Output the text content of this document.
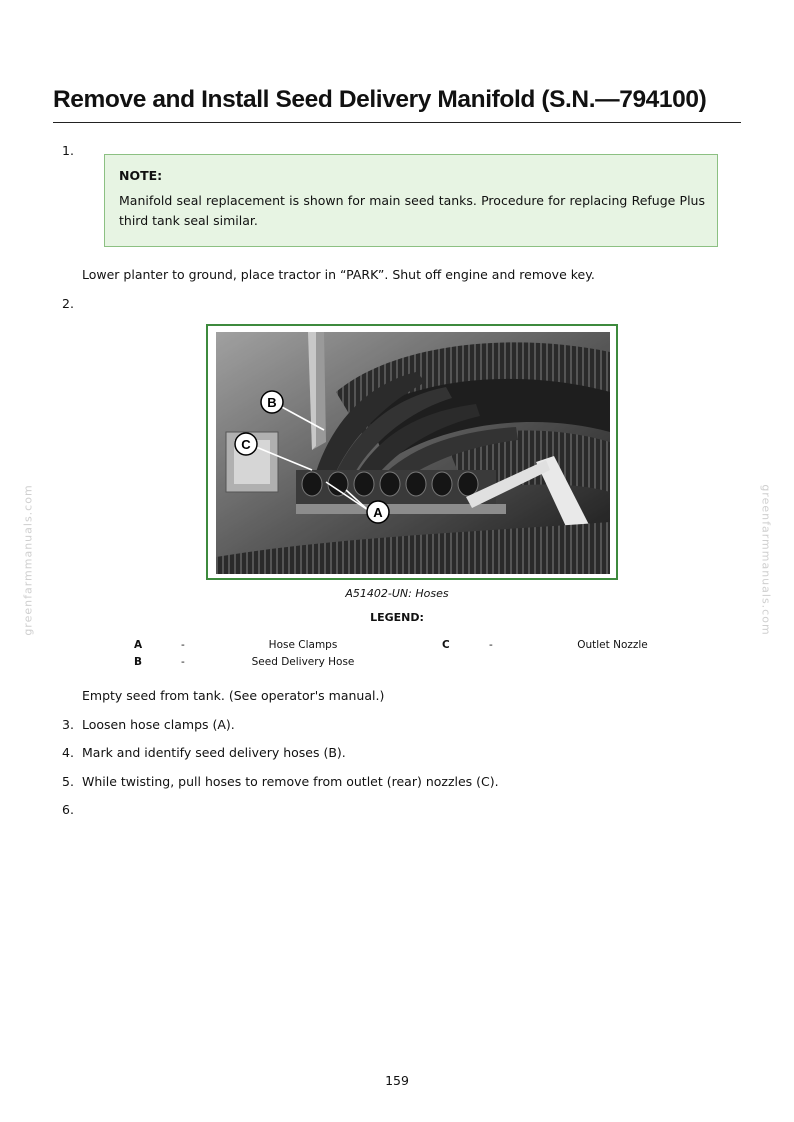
Remove and Install Seed Delivery Manifold (S.N.—794100)
greenfarmmanuals.com	greenfarmmanuals.com
1.
NOTE:
Manifold seal replacement is shown for main seed tanks. Procedure for replacing Refuge Plus third tank seal similar.
Lower planter to ground, place tractor in “PARK”. Shut off engine and remove key.
2.
A
B
C
A51402-UN: Hoses
LEGEND:
A	-	Hose Clamps
B	-	Seed Delivery Hose
C	-	Outlet Nozzle
Empty seed from tank. (See operator's manual.)
3. Loosen hose clamps (A).
4. Mark and identify seed delivery hoses (B).
5. While twisting, pull hoses to remove from outlet (rear) nozzles (C).
6.
159
